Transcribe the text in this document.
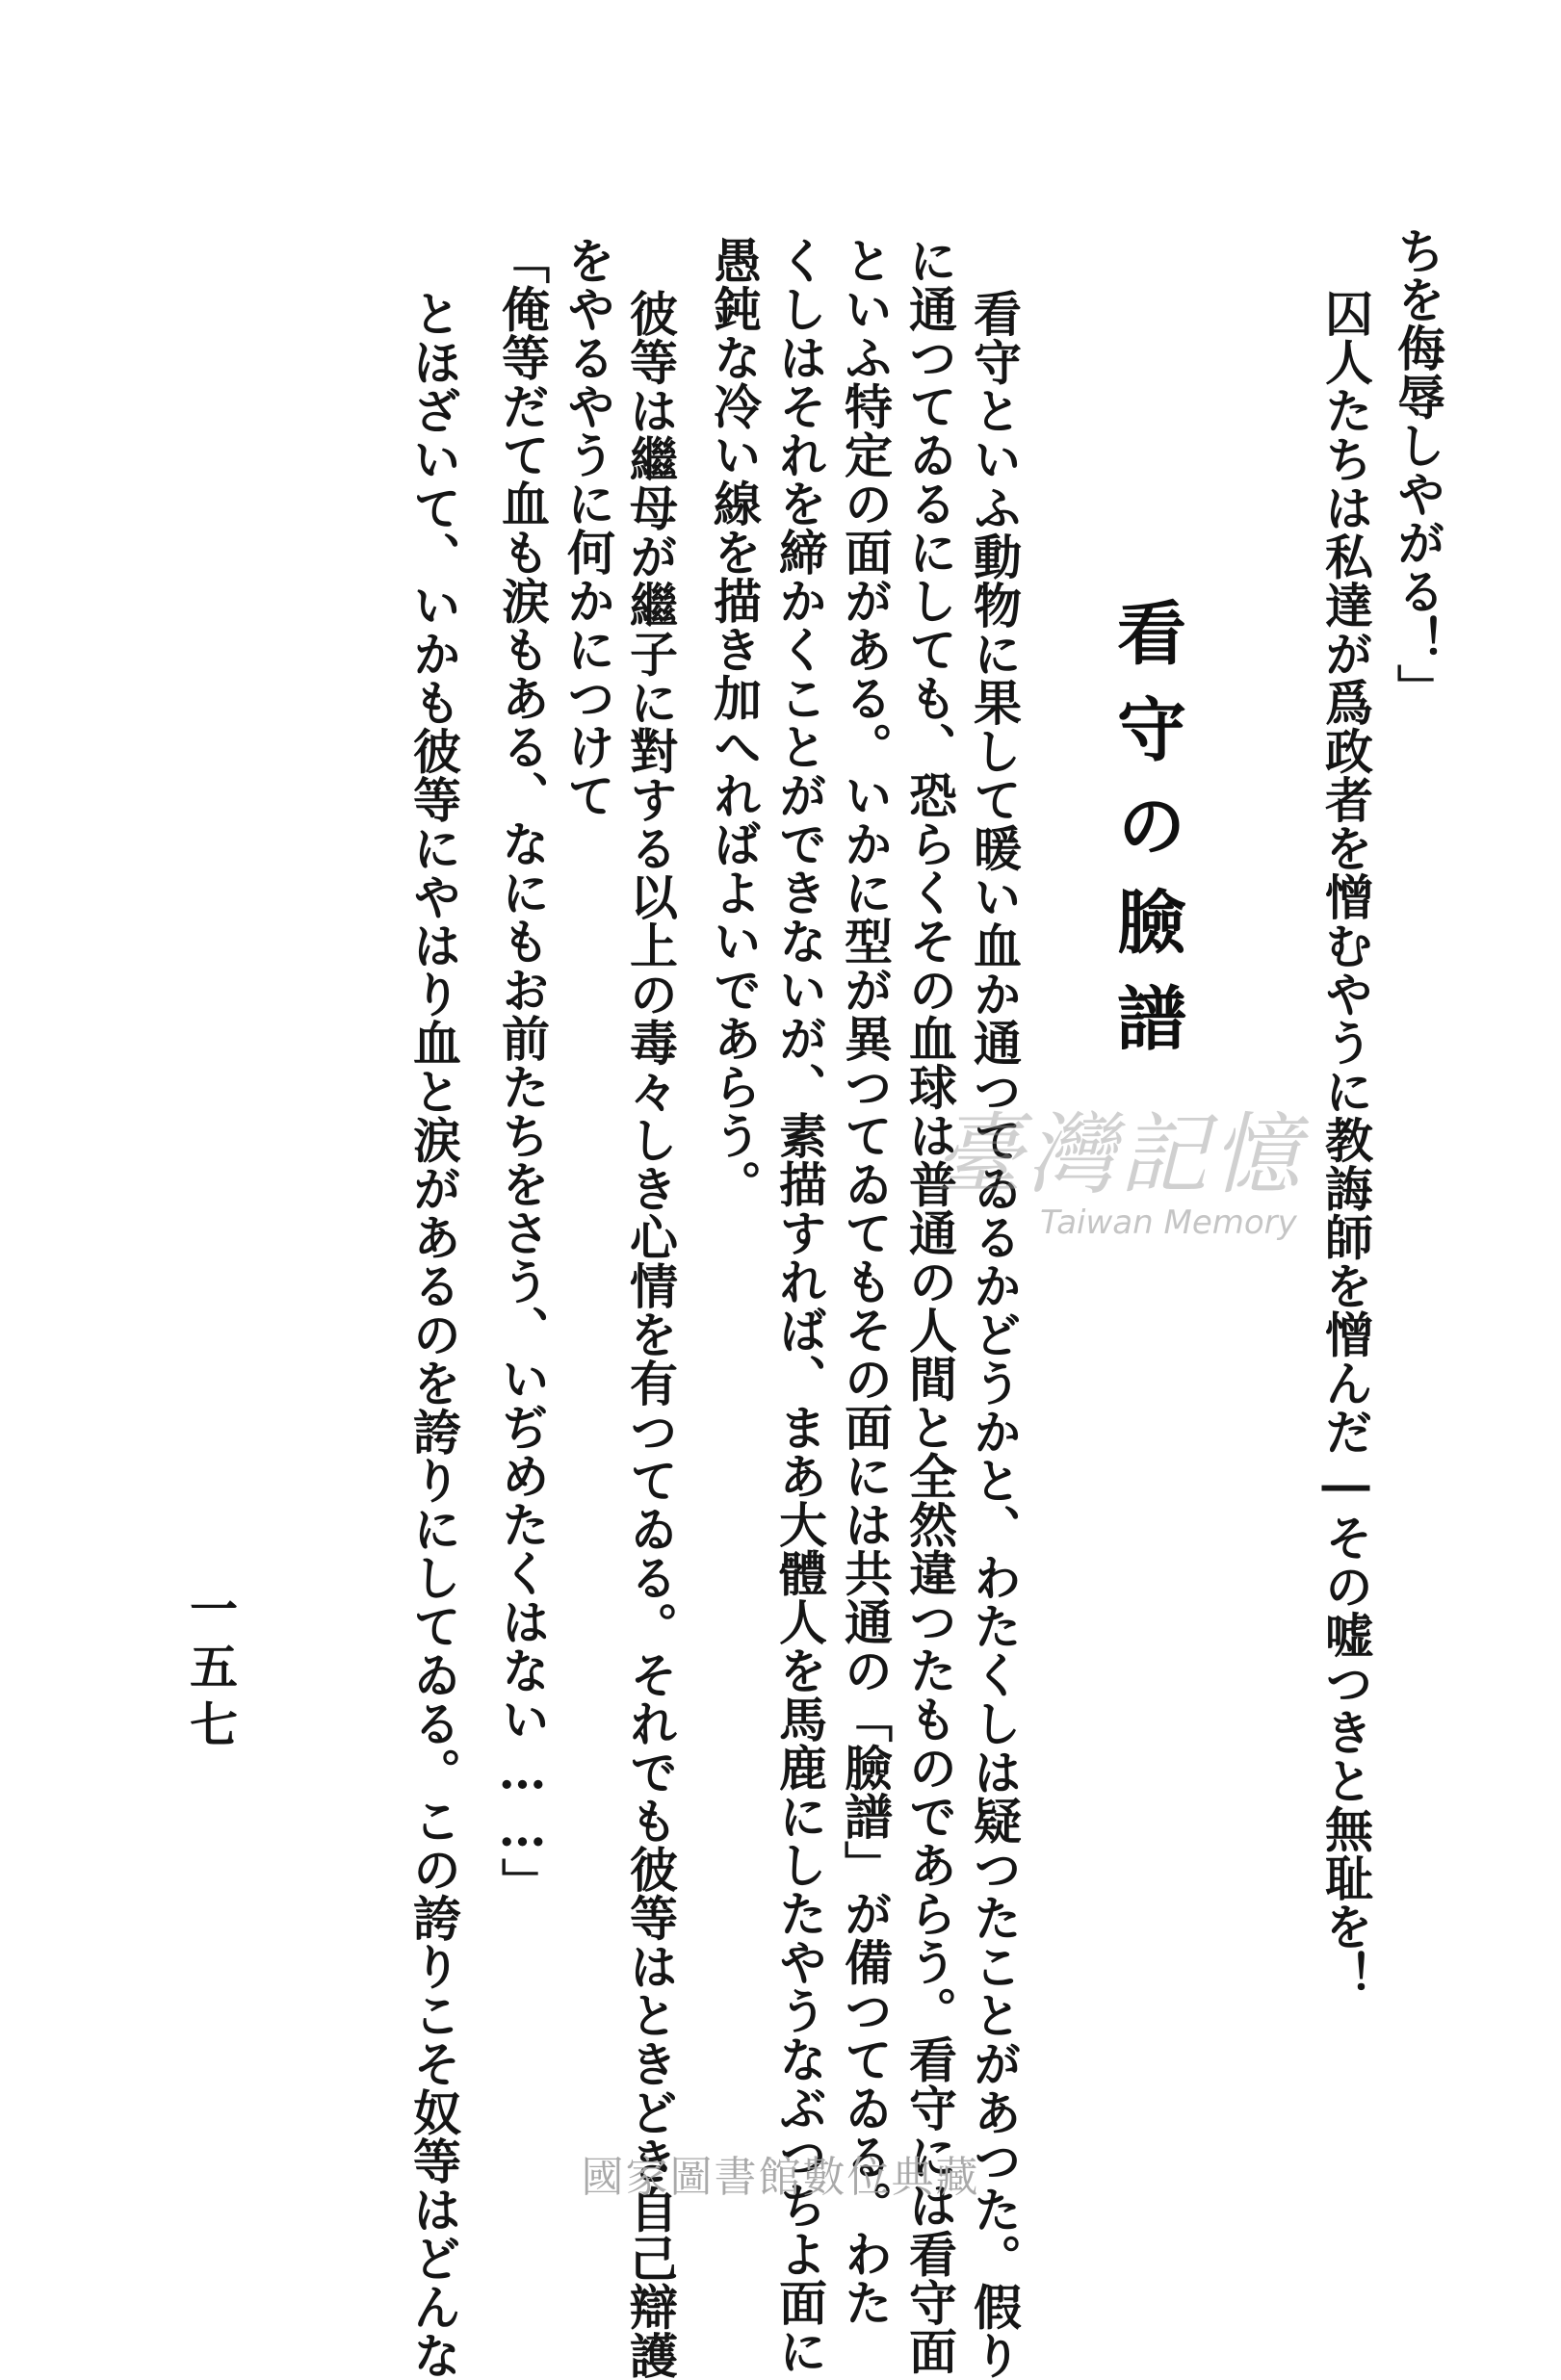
ちを侮辱しやがる！」
囚人たちは私達が爲政者を憎むやうに教誨師を憎んだ―その嘘つきと無耻を！
看守の臉譜
看守といふ動物に果して暖い血か通つてゐるかどうかと、わたくしは疑つたことがあつた。假り
に通つてゐるにしても、恐らくその血球は普通の人間と全然違つたものであらう。看守には看守面
といふ特定の面がある。いかに型が異つてゐてもその面には共通の「臉譜」が備つてゐる。わた
くしはそれを締かくことができないが、素描すれば、まあ大體人を馬鹿にしたやうなぶつちよ面に
愚鈍な冷い線を描き加へればよいであらう。
彼等は繼母が繼子に對する以上の毒々しき心情を有つてゐる。それでも彼等はときどき自己辯護
をやるやうに何かにつけて
「俺等だて血も涙もある、なにもお前たちをさう、いぢめたくはない……」
とほざいて、いかも彼等にやはり血と涙があるのを誇りにしてゐる。この誇りこそ奴等はどんな
一五七
臺灣記憶
Taiwan Memory
國家圖書館數位典藏
